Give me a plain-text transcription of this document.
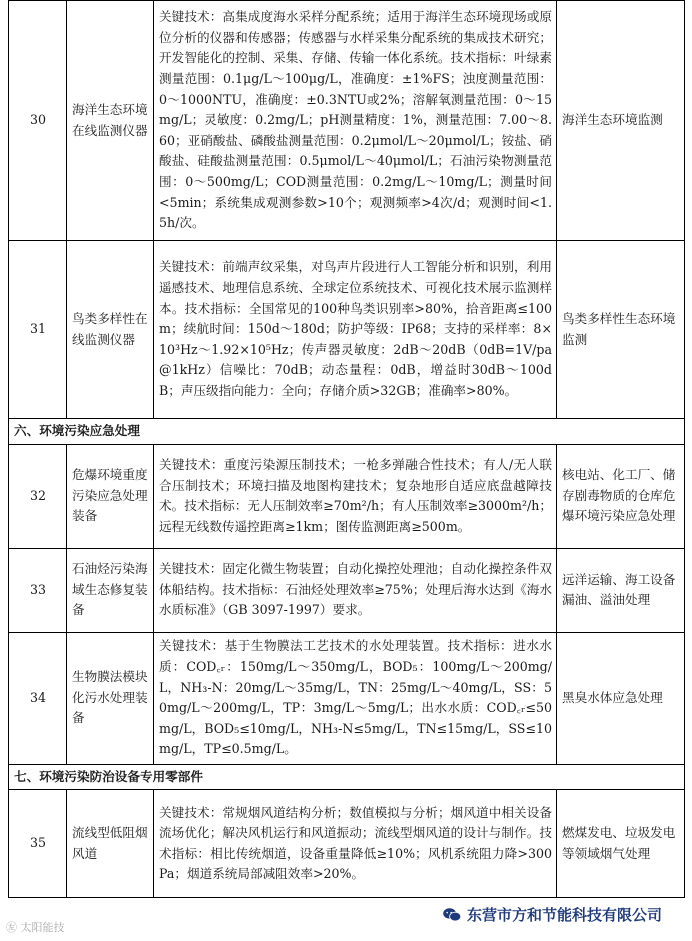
30	海洋生态环境在线监测仪器	关键技术：高集成度海水采样分配系统；适用于海洋生态环境现场或原位分析的仪器和传感器；传感器与水样采集分配系统的集成技术研究；开发智能化的控制、采集、存储、传输一体化系统。技术指标：叶绿素测量范围：0.1μg/L～100μg/L，准确度：±1%FS；浊度测量范围：0～1000NTU，准确度：±0.3NTU或2%；溶解氧测量范围：0～15mg/L；灵敏度：0.2mg/L；pH测量精度：1%，测量范围：7.00～8.60；亚硝酸盐、磷酸盐测量范围：0.2μmol/L～20μmol/L；铵盐、硝酸盐、硅酸盐测量范围：0.5μmol/L～40μmol/L；石油污染物测量范围：0～500mg/L；COD测量范围：0.2mg/L～10mg/L；测量时间<5min；系统集成观测参数>10个；观测频率>4次/d；观测时间<1.5h/次。	海洋生态环境监测
31	鸟类多样性在线监测仪器	关键技术：前端声纹采集，对鸟声片段进行人工智能分析和识别，利用遥感技术、地理信息系统、全球定位系统技术、可视化技术展示监测样本。技术指标：全国常见的100种鸟类识别率>80%，拾音距离≤100m；续航时间：150d～180d；防护等级：IP68；支持的采样率：8×10³Hz～1.92×10⁵Hz；传声器灵敏度：2dB～20dB（0dB=1V/pa@1kHz）信噪比：70dB；动态量程：0dB，增益时30dB～100dB；声压级指向能力：全向；存储介质>32GB；准确率>80%。	鸟类多样性生态环境监测
六、环境污染应急处理			
32	危爆环境重度污染应急处理装备	关键技术：重度污染源压制技术；一枪多弹融合性技术；有人/无人联合压制技术；环境扫描及地图构建技术；复杂地形自适应底盘越障技术。技术指标：无人压制效率≥70m²/h；有人压制效率≥3000m²/h；远程无线数传遥控距离≥1km；图传监测距离≥500m。	核电站、化工厂、储存剧毒物质的仓库危爆环境污染应急处理
33	石油烃污染海域生态修复装备	关键技术：固定化微生物装置；自动化操控处理池；自动化操控条件双体船结构。技术指标：石油烃处理效率≥75%；处理后海水达到《海水水质标准》（GB 3097-1997）要求。	远洋运输、海工设备漏油、溢油处理
34	生物膜法模块化污水处理装备	关键技术：基于生物膜法工艺技术的水处理装置。技术指标：进水水质：COD꜀ᵣ：150mg/L～350mg/L，BOD₅：100mg/L～200mg/L，NH₃-N：20mg/L～35mg/L，TN：25mg/L～40mg/L，SS：50mg/L～200mg/L，TP：3mg/L～5mg/L；出水水质：COD꜀ᵣ≤50mg/L，BOD₅≤10mg/L，NH₃-N≤5mg/L，TN≤15mg/L，SS≤10mg/L，TP≤0.5mg/L。	黑臭水体应急处理
七、环境污染防治设备专用零部件			
35	流线型低阻烟风道	关键技术：常规烟风道结构分析；数值模拟与分析；烟风道中相关设备流场优化；解决风机运行和风道振动；流线型烟风道的设计与制作。技术指标：相比传统烟道，设备重量降低≥10%；风机系统阻力降>300Pa；烟道系统局部减阻效率>20%。	燃煤发电、垃圾发电等领域烟气处理
㊧ 太阳能技
东营市方和节能科技有限公司
